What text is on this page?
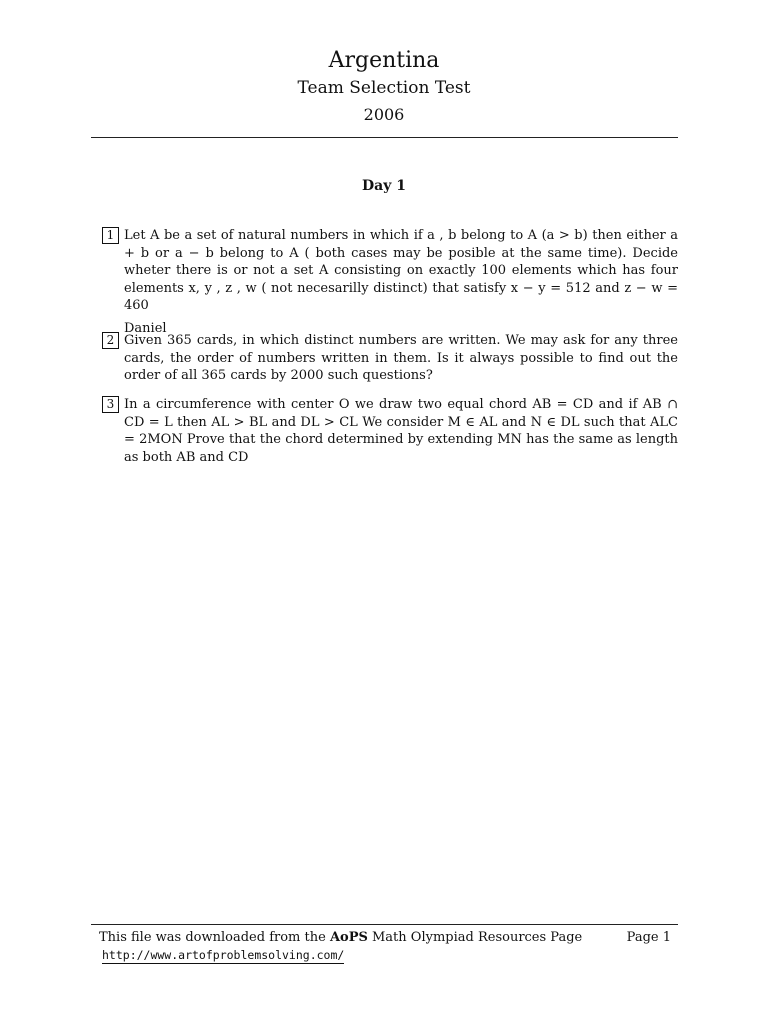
Argentina
Team Selection Test
2006
Day 1
1 Let A be a set of natural numbers in which if a , b belong to A (a > b) then either a + b or a − b belong to A ( both cases may be posible at the same time). Decide wheter there is or not a set A consisting on exactly 100 elements which has four elements x, y , z , w ( not necesarilly distinct) that satisfy x − y = 512 and z − w = 460
Daniel
2 Given 365 cards, in which distinct numbers are written. We may ask for any three cards, the order of numbers written in them. Is it always possible to find out the order of all 365 cards by 2000 such questions?
3 In a circumference with center O we draw two equal chord AB = CD and if AB ∩ CD = L then AL > BL and DL > CL We consider M ∈ AL and N ∈ DL such that ALC = 2MON Prove that the chord determined by extending MN has the same as length as both AB and CD
This file was downloaded from the AoPS Math Olympiad Resources Page	Page 1
http://www.artofproblemsolving.com/
